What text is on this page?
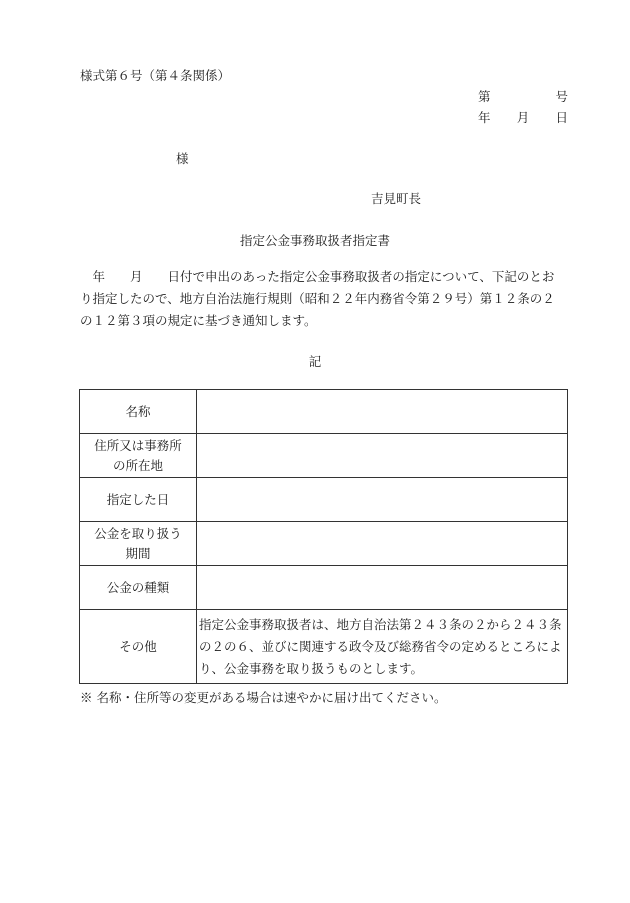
様式第６号（第４条関係）
第	号
年 月 日
様
吉見町長
指定公金事務取扱者指定書
　年　　月　　日付で申出のあった指定公金事務取扱者の指定について、下記のとお
り指定したので、地方自治法施行規則（昭和２２年内務省令第２９号）第１２条の２
の１２第３項の規定に基づき通知します。
記
名称	
住所又は事務所
の所在地	
指定した日	
公金を取り扱う
期間	
公金の種類	
その他	指定公金事務取扱者は、地方自治法第２４３条の２から２４３条
の２の６、並びに関連する政令及び総務省令の定めるところによ
り、公金事務を取り扱うものとします。
※ 名称・住所等の変更がある場合は速やかに届け出てください。
